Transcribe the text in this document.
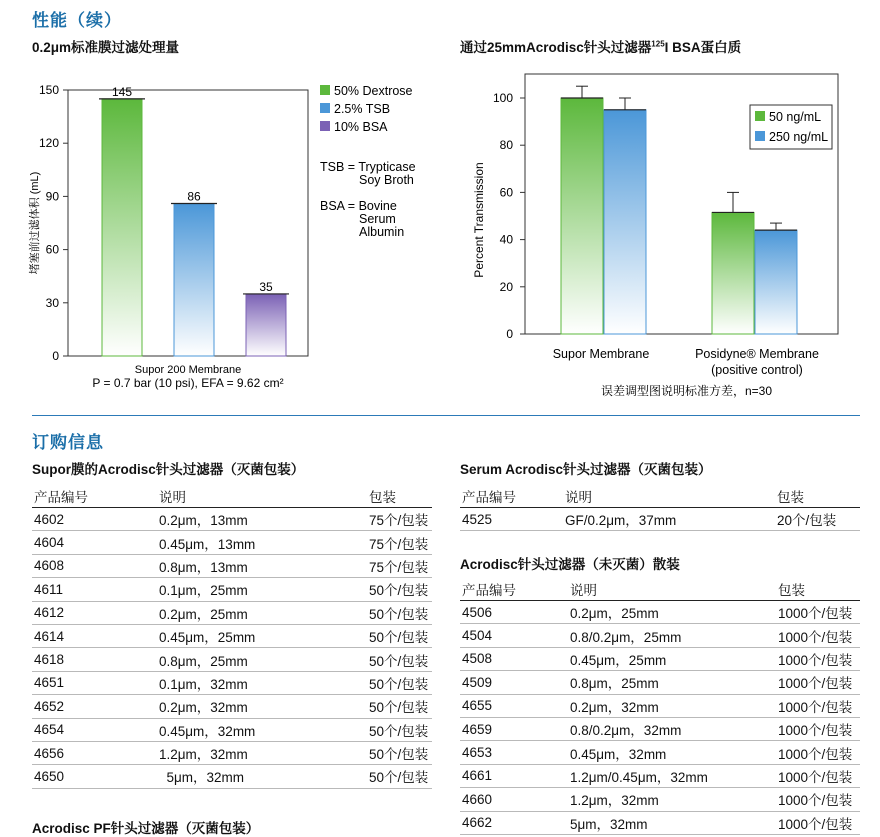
性能（续）
0.2μm标准膜过滤处理量	通过25mmAcrodisc针头过滤器$^{125}$I BSA蛋白质
0
30
60
90
120
150	145
86
35
堵塞前过滤体积 (mL)
Supor 200 Membrane
P = 0.7 bar (10 psi), EFA = 9.62 cm²
50% Dextrose
2.5% TSB
10% BSA
TSB = Trypticase
Soy Broth
BSA = Bovine
Serum
Albumin
0
20
40
60
80
100
Percent Transmission
Supor Membrane	Posidyne® Membrane
(positive control)
误差调型图说明标准方差，n=30
50 ng/mL
250 ng/mL
订购信息
Supor膜的Acrodisc针头过滤器（灭菌包装）
产品编号	说明	包装
4602	0.2μm，13mm	75个/包装
4604	0.45μm，13mm	75个/包装
4608	0.8μm，13mm	75个/包装
4611	0.1μm，25mm	50个/包装
4612	0.2μm，25mm	50个/包装
4614	0.45μm，25mm	50个/包装
4618	0.8μm，25mm	50个/包装
4651	0.1μm，32mm	50个/包装
4652	0.2μm，32mm	50个/包装
4654	0.45μm，32mm	50个/包装
4656	1.2μm，32mm	50个/包装
4650	5μm，32mm	50个/包装
Serum Acrodisc针头过滤器（灭菌包装）
产品编号	说明	包装
4525	GF/0.2μm，37mm	20个/包装
Acrodisc针头过滤器（未灭菌）散装
产品编号	说明	包装
4506	0.2μm，25mm	1000个/包装
4504	0.8/0.2μm，25mm	1000个/包装
4508	0.45μm，25mm	1000个/包装
4509	0.8μm，25mm	1000个/包装
4655	0.2μm，32mm	1000个/包装
4659	0.8/0.2μm，32mm	1000个/包装
4653	0.45μm，32mm	1000个/包装
4661	1.2μm/0.45μm，32mm	1000个/包装
4660	1.2μm，32mm	1000个/包装
4662	5μm，32mm	1000个/包装
Acrodisc PF针头过滤器（灭菌包装）
